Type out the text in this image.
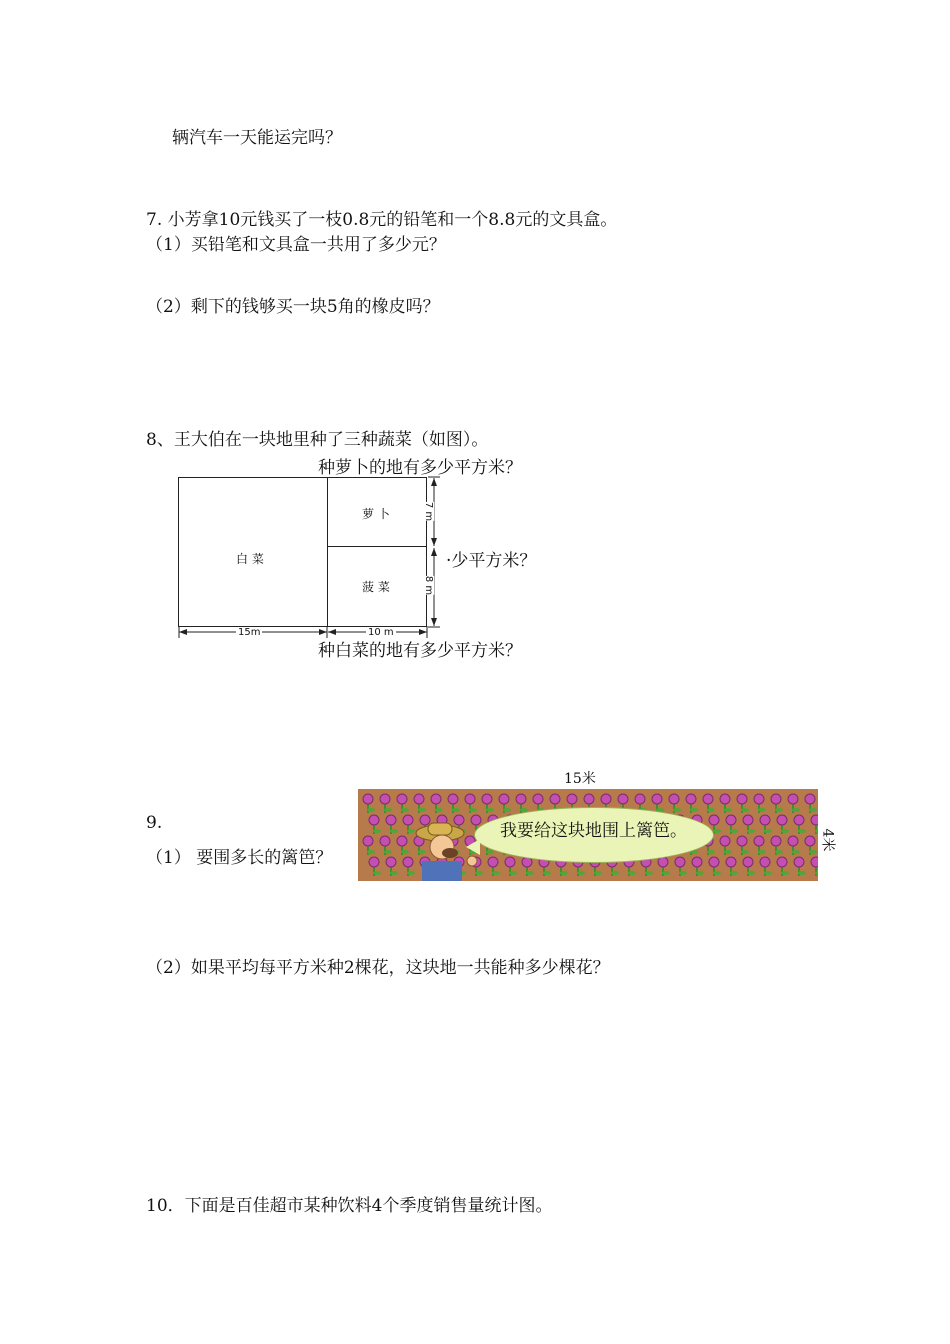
辆汽车一天能运完吗？
7. 小芳拿10元钱买了一枝0.8元的铅笔和一个8.8元的文具盒。
（1）买铅笔和文具盒一共用了多少元？
（2）剩下的钱够买一块5角的橡皮吗？
8、王大伯在一块地里种了三种蔬菜（如图）。
种萝卜的地有多少平方米？
·少平方米？
种白菜的地有多少平方米？
白 菜
萝 卜
菠 菜
15m	10 m
7 m
8 m
9.
（1） 要围多长的篱笆？
15米
4米
我要给这块地围上篱笆。
（2）如果平均每平方米种2棵花，这块地一共能种多少棵花？
10．下面是百佳超市某种饮料4个季度销售量统计图。
